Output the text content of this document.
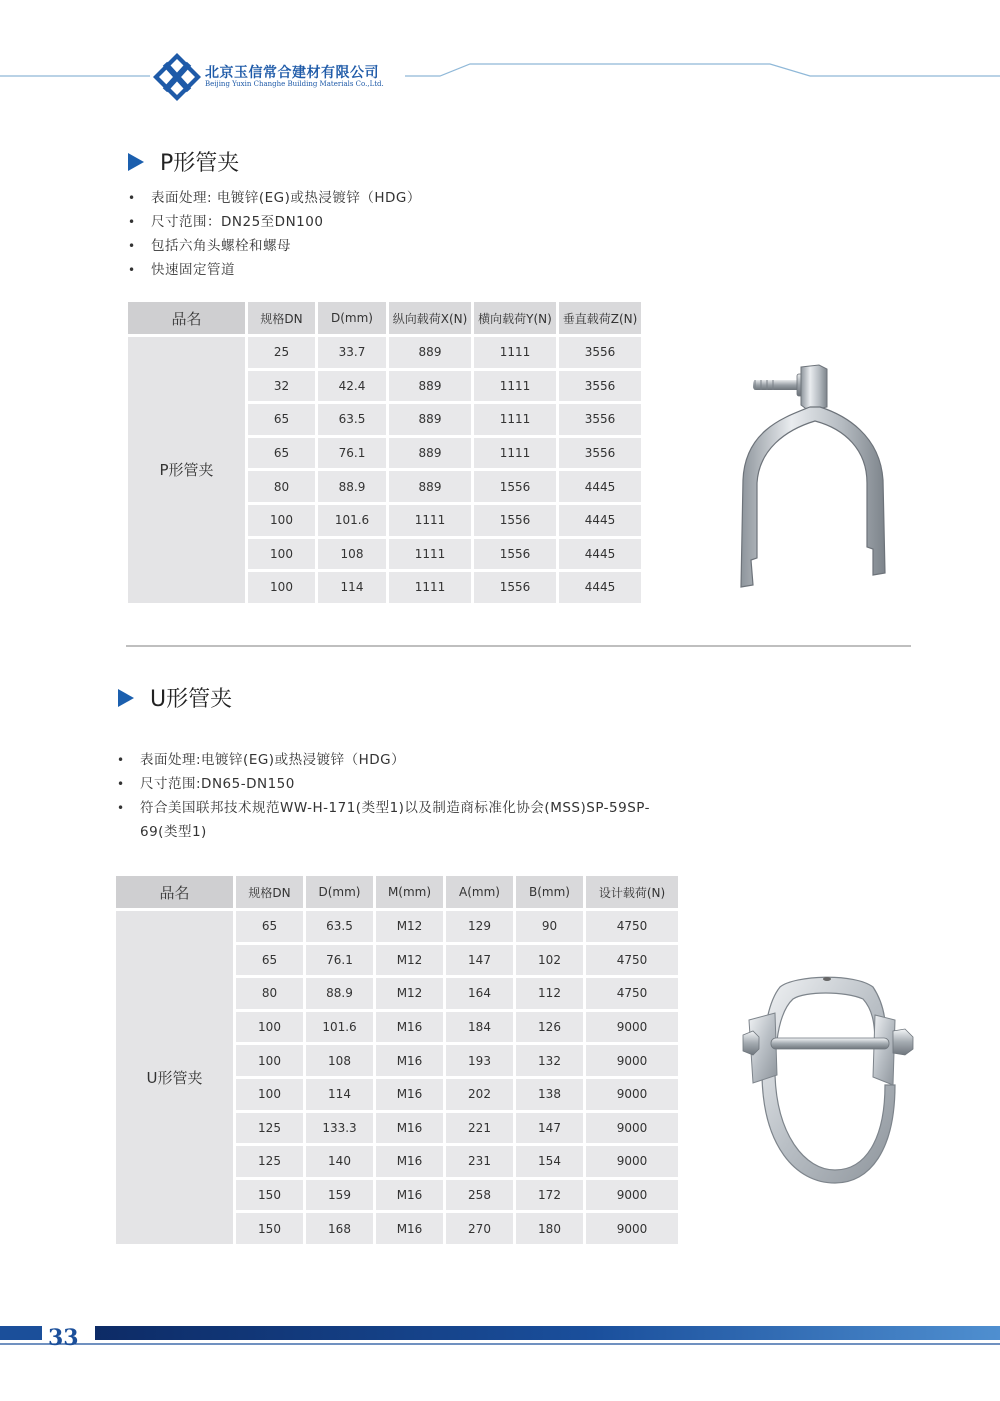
北京玉信常合建材有限公司
Beijing Yuxin Changhe Building Materials Co.,Ltd.
P形管夹
• 表面处理: 电镀锌(EG)或热浸镀锌（HDG）
• 尺寸范围：DN25至DN100
• 包括六角头螺栓和螺母
• 快速固定管道
品名	规格DN	D(mm)	纵向载荷X(N)	横向载荷Y(N)	垂直载荷Z(N)
P形管夹	25	33.7	889	1111	3556
	32	42.4	889	1111	3556
	65	63.5	889	1111	3556
	65	76.1	889	1111	3556
	80	88.9	889	1556	4445
	100	101.6	1111	1556	4445
	100	108	1111	1556	4445
	100	114	1111	1556	4445
U形管夹
• 表面处理:电镀锌(EG)或热浸镀锌（HDG）
• 尺寸范围:DN65-DN150
• 符合美国联邦技术规范WW-H-171(类型1)以及制造商标准化协会(MSS)SP-59SP-69(类型1)
品名	规格DN	D(mm)	M(mm)	A(mm)	B(mm)	设计载荷(N)
U形管夹	65	63.5	M12	129	90	4750
	65	76.1	M12	147	102	4750
	80	88.9	M12	164	112	4750
	100	101.6	M16	184	126	9000
	100	108	M16	193	132	9000
	100	114	M16	202	138	9000
	125	133.3	M16	221	147	9000
	125	140	M16	231	154	9000
	150	159	M16	258	172	9000
	150	168	M16	270	180	9000
33
